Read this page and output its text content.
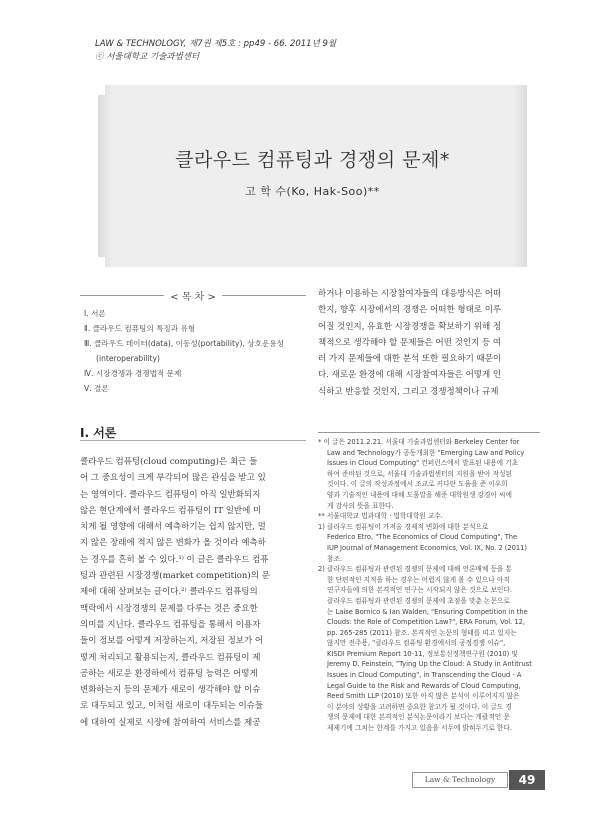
LAW & TECHNOLOGY, 제7권 제5호 : pp49 - 66. 2011년 9월
ⓒ 서울대학교 기술과법센터
클라우드 컴퓨팅과 경쟁의 문제*
고 학 수(Ko, Hak-Soo)**
< 목 차 >
Ⅰ. 서론
Ⅱ. 클라우드 컴퓨팅의 특징과 유형
Ⅲ. 클라우드 데이터(data), 이동성(portability), 상호운용성
(interoperability)
Ⅳ. 시장경쟁과 경쟁법적 문제
Ⅴ. 결론
Ⅰ. 서론

클라우드 컴퓨팅(cloud computing)은 최근 들

어 그 중요성이 크게 부각되어 많은 관심을 받고 있

는 영역이다. 클라우드 컴퓨팅이 아직 일반화되지

않은 현단계에서 클라우드 컴퓨팅이 IT 일반에 미

치게 될 영향에 대해서 예측하기는 쉽지 않지만, 멀

지 않은 장래에 적지 않은 변화가 올 것이라 예측하

는 경우를 흔히 볼 수 있다.¹⁾ 이 글은 클라우드 컴퓨

팅과 관련된 시장경쟁(market competition)의 문

제에 대해 살펴보는 글이다.²⁾ 클라우드 컴퓨팅의

맥락에서 시장경쟁의 문제를 다루는 것은 중요한

의미를 지닌다. 클라우드 컴퓨팅을 통해서 이용자

들이 정보를 어떻게 저장하는지, 저장된 정보가 어

떻게 처리되고 활용되는지, 클라우드 컴퓨팅이 제

공하는 새로운 환경하에서 컴퓨팅 능력은 어떻게

변화하는지 등의 문제가 새로이 생각해야 할 이슈

로 대두되고 있고, 이처럼 새로이 대두되는 이슈들

에 대하여 실제로 시장에 참여하여 서비스를 제공

하거나 이용하는 시장참여자들의 대응방식은 어떠

한지, 향후 시장에서의 경쟁은 어떠한 형태로 이루

어질 것인지, 유효한 시장경쟁을 확보하기 위해 정

책적으로 생각해야 할 문제들은 어떤 것인지 등 여

러 가지 문제들에 대한 분석 또한 필요하기 때문이

다. 새로운 환경에 대해 시장참여자들은 어떻게 인

식하고 반응할 것인지, 그리고 경쟁정책이나 규제

* 이 글은 2011.2.21. 서울대 기술과법센터와 Berkeley Center for
Law and Technology가 공동개최한 "Emerging Law and Policy
Issues in Cloud Computing" 컨퍼런스에서 발표된 내용에 기초
하여 준비된 것으로, 서울대 기술과법센터의 지원을 받아 작성된
것이다. 이 글의 작성과정에서 조교로 커다란 도움을 준 이우희
양과 기술적인 내용에 대해 도움말을 해준 대학원생 강경아 씨에
게 감사의 뜻을 표한다.
** 서울대학교 법과대학 · 법학대학원 교수.
1) 클라우드 컴퓨팅이 가져올 경제적 변화에 대한 분석으로
Federico Etro, "The Economics of Cloud Computing", The
IUP Journal of Management Economics, Vol. IX, No. 2 (2011)
참조.
2) 클라우드 컴퓨팅과 관련된 경쟁의 문제에 대해 언론매체 등을 통
한 단편적인 지적을 하는 경우는 어렵지 않게 볼 수 있으나 아직
연구자들에 의한 본격적인 연구는 시작되지 않은 것으로 보인다.
클라우드 컴퓨팅과 관련된 경쟁의 문제에 초점을 맞춘 논문으로
는 Laise Bornico & Ian Walden, "Ensuring Competition in the
Clouds: the Role of Competition Law?", ERA Forum, Vol. 12,
pp. 265-285 (2011) 참조. 본격적인 논문의 형태를 띠고 있지는
않지만 전주용, "클라우드 컴퓨팅 환경에서의 공정경쟁 이슈",
KISDI Premium Report 10-11, 정보통신정책연구원 (2010) 및
Jeremy D. Feinstein, "Tying Up the Cloud: A Study in Antitrust
Issues in Cloud Computing", in Transcending the Cloud - A
Legal Guide to the Risk and Rewards of Cloud Computing,
Reed Smith LLP (2010) 또한 아직 많은 분석이 이루어지지 않은
이 분야의 상황을 고려하면 중요한 참고가 될 것이다. 이 글도 경
쟁의 문제에 대한 본격적인 분석논문이라기 보다는 개괄적인 문
제제기에 그치는 한계를 가지고 있음을 서두에 밝혀두기로 한다.
Law & Technology	49
